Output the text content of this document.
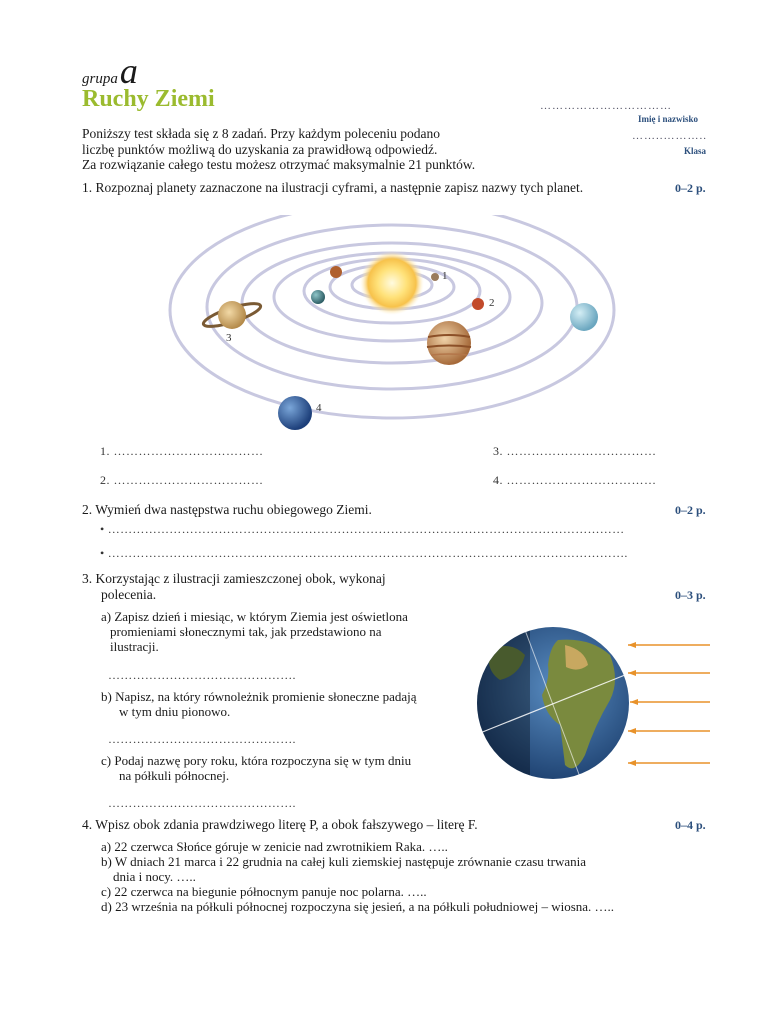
grupaa
Ruchy Ziemi	……………………………
Imię i nazwisko
……..………..
Klasa
Poniższy test składa się z 8 zadań. Przy każdym poleceniu podano
liczbę punktów możliwą do uzyskania za prawidłową odpowiedź.
Za rozwiązanie całego testu możesz otrzymać maksymalnie 21 punktów.
1. Rozpoznaj planety zaznaczone na ilustracji cyframi, a następnie zapisz nazwy tych planet.	0–2 p.
1
2
3
4
1. ………………………………
2. ………………………………
3. ………………………………
4. ………………………………
2. Wymień dwa następstwa ruchu obiegowego Ziemi.	0–2 p.
• ………………………………………………………………………………………………………………
• ……………………………………………………………………………………………………………….
3. Korzystając z ilustracji zamieszczonej obok, wykonaj
polecenia.	0–3 p.
a) Zapisz dzień i miesiąc, w którym Ziemia jest oświetlona
promieniami słonecznymi tak, jak przedstawiono na
ilustracji.
……………………………………….
b) Napisz, na który równoleżnik promienie słoneczne padają
w tym dniu pionowo.
……………………………………….
c) Podaj nazwę pory roku, która rozpoczyna się w tym dniu
na półkuli północnej.
……………………………………….
4. Wpisz obok zdania prawdziwego literę P, a obok fałszywego – literę F.	0–4 p.
a) 22 czerwca Słońce góruje w zenicie nad zwrotnikiem Raka. …..
b) W dniach 21 marca i 22 grudnia na całej kuli ziemskiej następuje zrównanie czasu trwania
dnia i nocy. …..
c) 22 czerwca na biegunie północnym panuje noc polarna. …..
d) 23 września na półkuli północnej rozpoczyna się jesień, a na półkuli południowej – wiosna. …..
